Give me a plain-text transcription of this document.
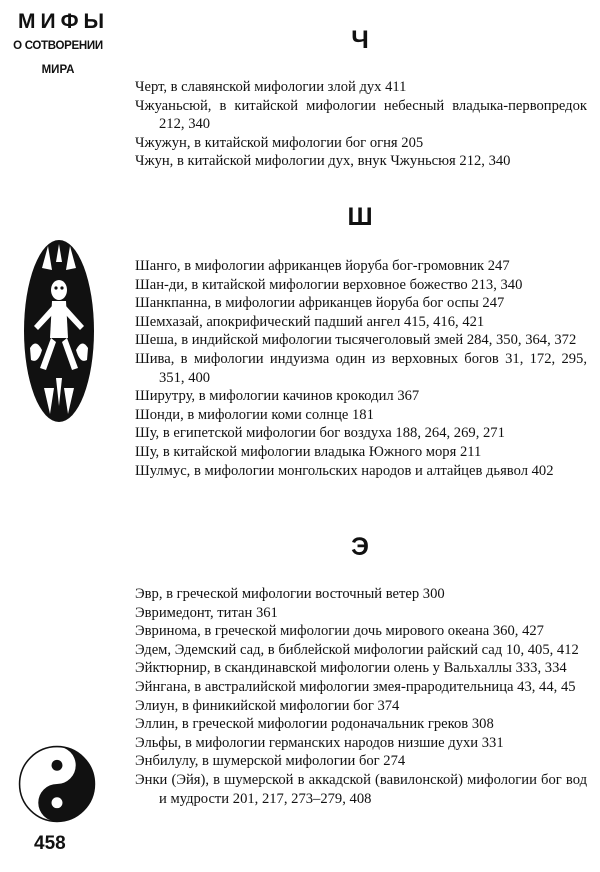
МИФЫ
О СОТВОРЕНИИ
МИРА
458
Ч

Черт, в славянской мифологии злой дух 411

Чжуаньсюй, в китайской мифологии небесный владыка-первопредок 212, 340

Чжужун, в китайской мифологии бог огня 205

Чжун, в китайской мифологии дух, внук Чжуньсюя 212, 340

Ш

Шанго, в мифологии африканцев йоруба бог-громовник 247

Шан-ди, в китайской мифологии верховное божество 213, 340

Шанкпанна, в мифологии африканцев йоруба бог оспы 247

Шемхазай, апокрифический падший ангел 415, 416, 421

Шеша, в индийской мифологии тысячеголовый змей 284, 350, 364, 372

Шива, в мифологии индуизма один из верховных богов 31, 172, 295, 351, 400

Ширутру, в мифологии качинов крокодил 367

Шонди, в мифологии коми солнце 181

Шу, в египетской мифологии бог воздуха 188, 264, 269, 271

Шу, в китайской мифологии владыка Южного моря 211

Шулмус, в мифологии монгольских народов и алтайцев дьявол 402

Э

Эвр, в греческой мифологии восточный ветер 300

Эвримедонт, титан 361

Эвринома, в греческой мифологии дочь мирового океана 360, 427

Эдем, Эдемский сад, в библейской мифологии райский сад 10, 405, 412

Эйктюрнир, в скандинавской мифологии олень у Вальхаллы 333, 334

Эйнгана, в австралийской мифологии змея-прародительница 43, 44, 45

Элиун, в финикийской мифологии бог 374

Эллин, в греческой мифологии родоначальник греков 308

Эльфы, в мифологии германских народов низшие духи 331

Энбилулу, в шумерской мифологии бог 274

Энки (Эйя), в шумерской в аккадской (вавилонской) мифологии бог вод и мудрости 201, 217, 273–279, 408
